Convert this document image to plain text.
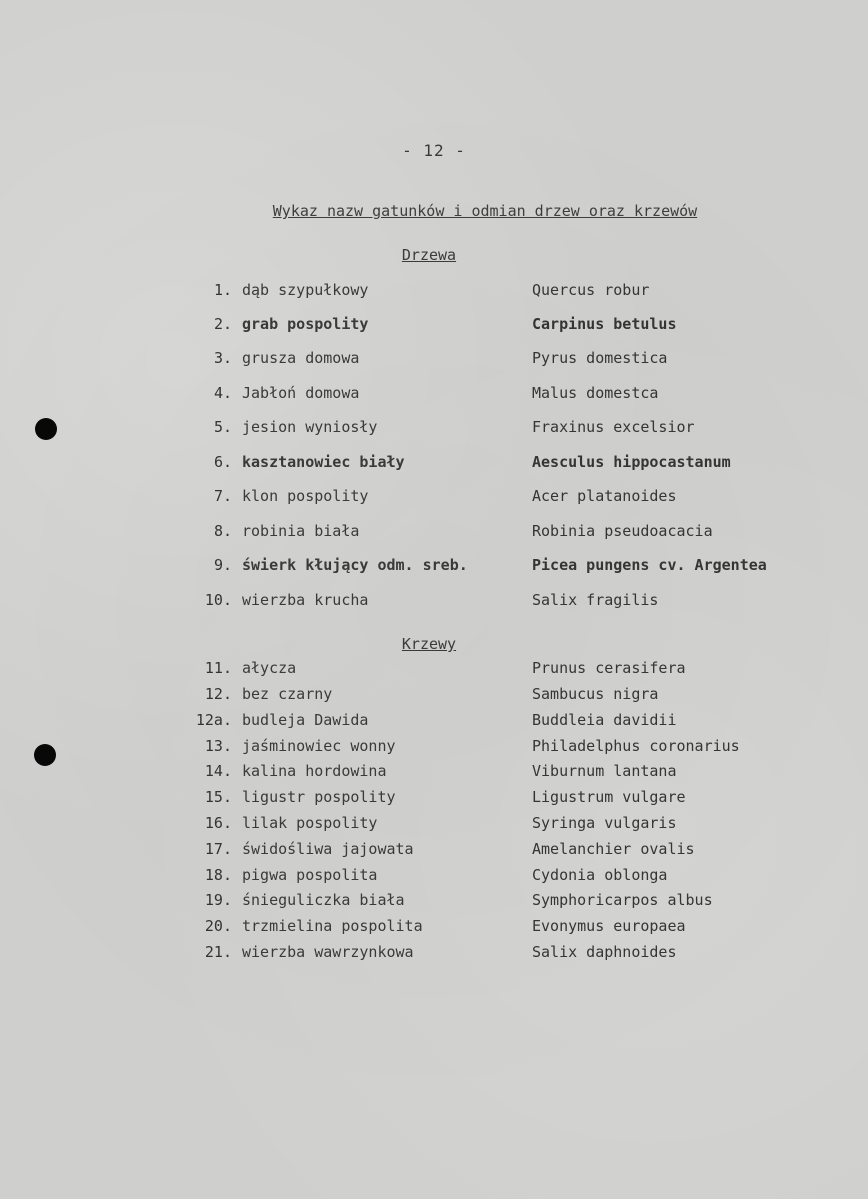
- 12 -
Wykaz nazw gatunków i odmian drzew oraz krzewów
Drzewa
1. dąb szypułkowy	Quercus robur
2. grab pospolity	Carpinus betulus
3. grusza domowa	Pyrus domestica
4. Jabłoń domowa	Malus domestca
5. jesion wyniosły	Fraxinus excelsior
6. kasztanowiec biały	Aesculus hippocastanum
7. klon pospolity	Acer platanoides
8. robinia biała	Robinia pseudoacacia
9. świerk kłujący odm. sreb.	Picea pungens cv. Argentea
10. wierzba krucha	Salix fragilis
Krzewy
11. ałycza	Prunus cerasifera
12. bez czarny	Sambucus nigra
12a. budleja Dawida	Buddleia davidii
13. jaśminowiec wonny	Philadelphus coronarius
14. kalina hordowina	Viburnum lantana
15. ligustr pospolity	Ligustrum vulgare
16. lilak pospolity	Syringa vulgaris
17. świdośliwa jajowata	Amelanchier ovalis
18. pigwa pospolita	Cydonia oblonga
19. śnieguliczka biała	Symphoricarpos albus
20. trzmielina pospolita	Evonymus europaea
21. wierzba wawrzynkowa	Salix daphnoides
